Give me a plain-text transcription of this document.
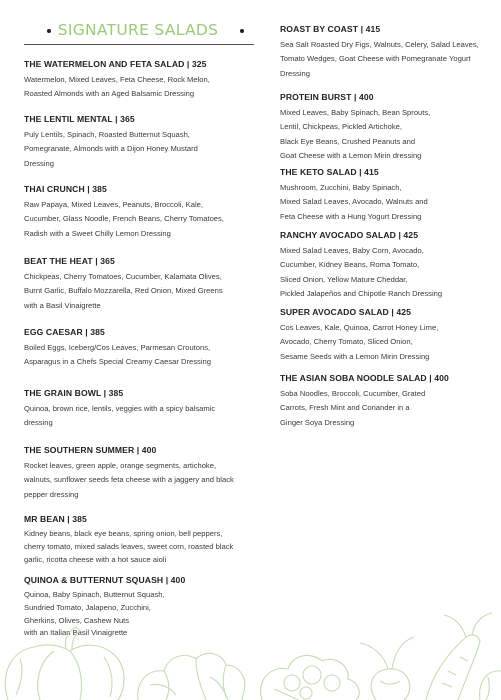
SIGNATURE SALADS
THE WATERMELON AND FETA SALAD | 325
Watermelon, Mixed Leaves, Feta Cheese, Rock Melon,
Roasted Almonds with an Aged Balsamic Dressing
THE LENTIL MENTAL | 365
Puly Lentils, Spinach, Roasted Butternut Squash,
Pomegranate, Almonds with a Dijon Honey Mustard
Dressing
THAI CRUNCH | 385
Raw Papaya, Mixed Leaves, Peanuts, Broccoli, Kale,
Cucumber, Glass Noodle, French Beans, Cherry Tomatoes,
Radish with a Sweet Chilly Lemon Dressing
BEAT THE HEAT | 365
Chickpeas, Cherry Tomatoes, Cucumber, Kalamata Olives,
Burnt Garlic, Buffalo Mozzarella, Red Onion, Mixed Greens
with a Basil Vinaigrette
EGG CAESAR | 385
Boiled Eggs, Iceberg/Cos Leaves, Parmesan Croutons,
Asparagus in a Chefs Special Creamy Caesar Dressing
THE GRAIN BOWL | 385
Quinoa, brown rice, lentils, veggies with a spicy balsamic
dressing
THE SOUTHERN SUMMER | 400
Rocket leaves, green apple, orange segments, artichoke,
walnuts, sunflower seeds feta cheese with a jaggery and black
pepper dressing
MR BEAN | 385
Kidney beans, black eye beans, spring onion, bell peppers,
cherry tomato, mixed salads leaves, sweet corn, roasted black
garlic, ricotta cheese with a hot sauce aioli
QUINOA & BUTTERNUT SQUASH | 400
Quinoa, Baby Spinach, Butternut Squash,
Sundried Tomato, Jalapeno, Zucchini,
Gherkins, Olives, Cashew Nuts
with an Italian Basil Vinaigrette
ROAST BY COAST | 415
Sea Salt Roasted Dry Figs, Walnuts, Celery, Salad Leaves,
Tomato Wedges, Goat Cheese with Pomegranate Yogurt
Dressing
PROTEIN BURST | 400
Mixed Leaves, Baby Spinach, Bean Sprouts,
Lentil, Chickpeas, Pickled Artichoke,
Black Eye Beans, Crushed Peanuts and
Goat Cheese with a Lemon Mirin dressing
THE KETO SALAD | 415
Mushroom, Zucchini, Baby Spinach,
Mixed Salad Leaves, Avocado, Walnuts and
Feta Cheese with a Hung Yogurt Dressing
RANCHY AVOCADO SALAD | 425
Mixed Salad Leaves, Baby Corn, Avocado,
Cucumber, Kidney Beans, Roma Tomato,
Sliced Onion, Yellow Mature Cheddar,
Pickled Jalapeños and Chipotle Ranch Dressing
SUPER AVOCADO SALAD | 425
Cos Leaves, Kale, Quinoa, Carrot Honey Lime,
Avocado, Cherry Tomato, Sliced Onion,
Sesame Seeds with a Lemon Mirin Dressing
THE ASIAN SOBA NOODLE SALAD | 400
Soba Noodles, Broccoli, Cucumber, Grated
Carrots, Fresh Mint and Coriander in a
Ginger Soya Dressing
